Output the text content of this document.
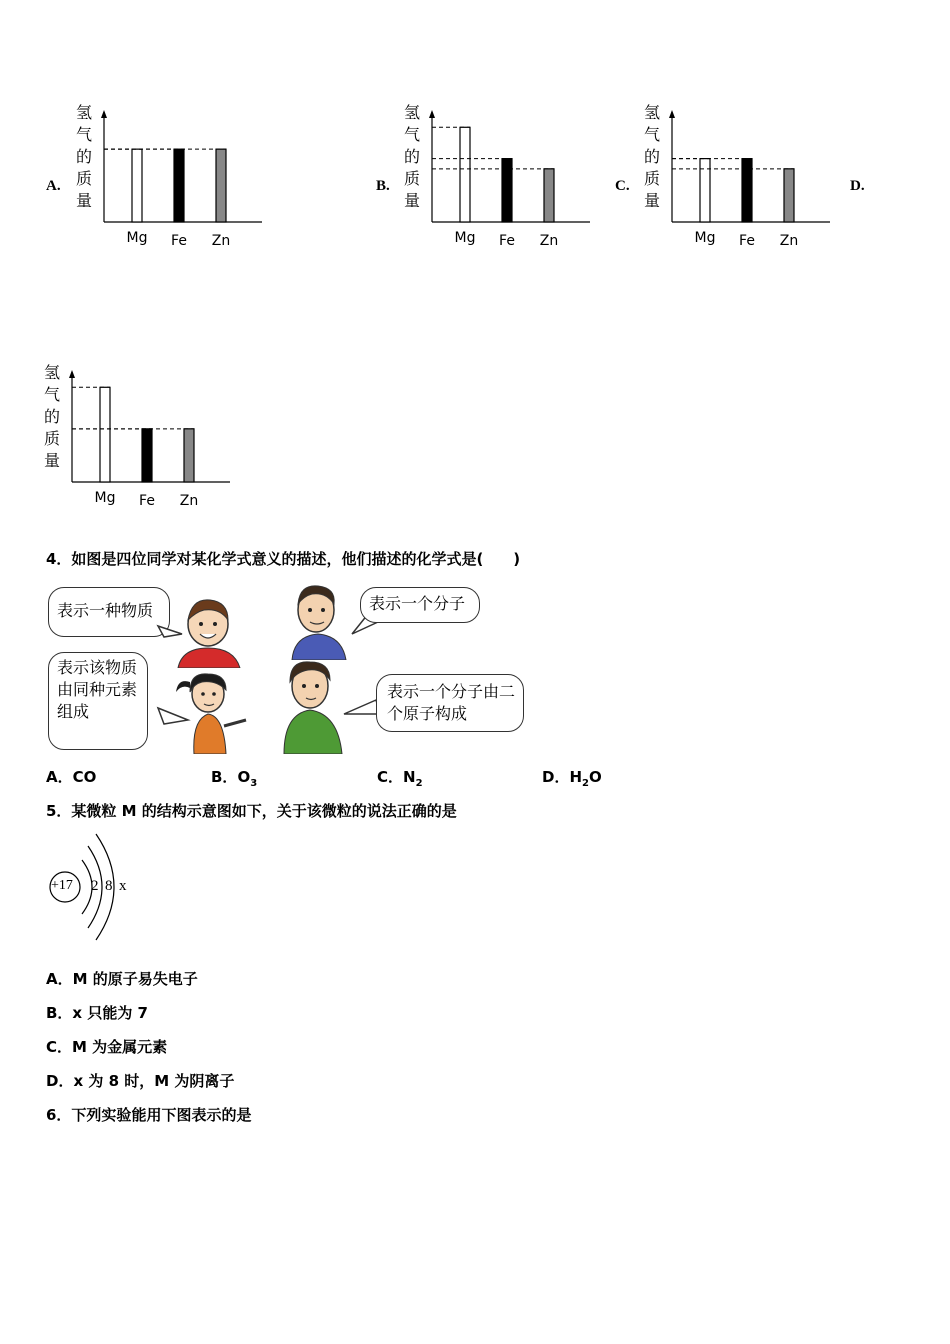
A.	B.	C.	D.
氢
气
的
质
量
Mg Fe Zn
氢
气
的
质
量
Mg Fe Zn
氢
气
的
质
量
Mg Fe Zn
氢
气
的
质
量
Mg Fe Zn
4．如图是四位同学对某化学式意义的描述，他们描述的化学式是(　　)
表示一种物质	表示一个分子
表示该物质由同种元素组成
表示一个分子由二个原子构成
A．CO	B．$O_3$	C．$N_2$	D．$H_2O$
5．某微粒 M 的结构示意图如下，关于该微粒的说法正确的是
+17 2 8 x
A．M 的原子易失电子
B．x 只能为 7
C．M 为金属元素
D．x 为 8 时，M 为阴离子
6．下列实验能用下图表示的是
